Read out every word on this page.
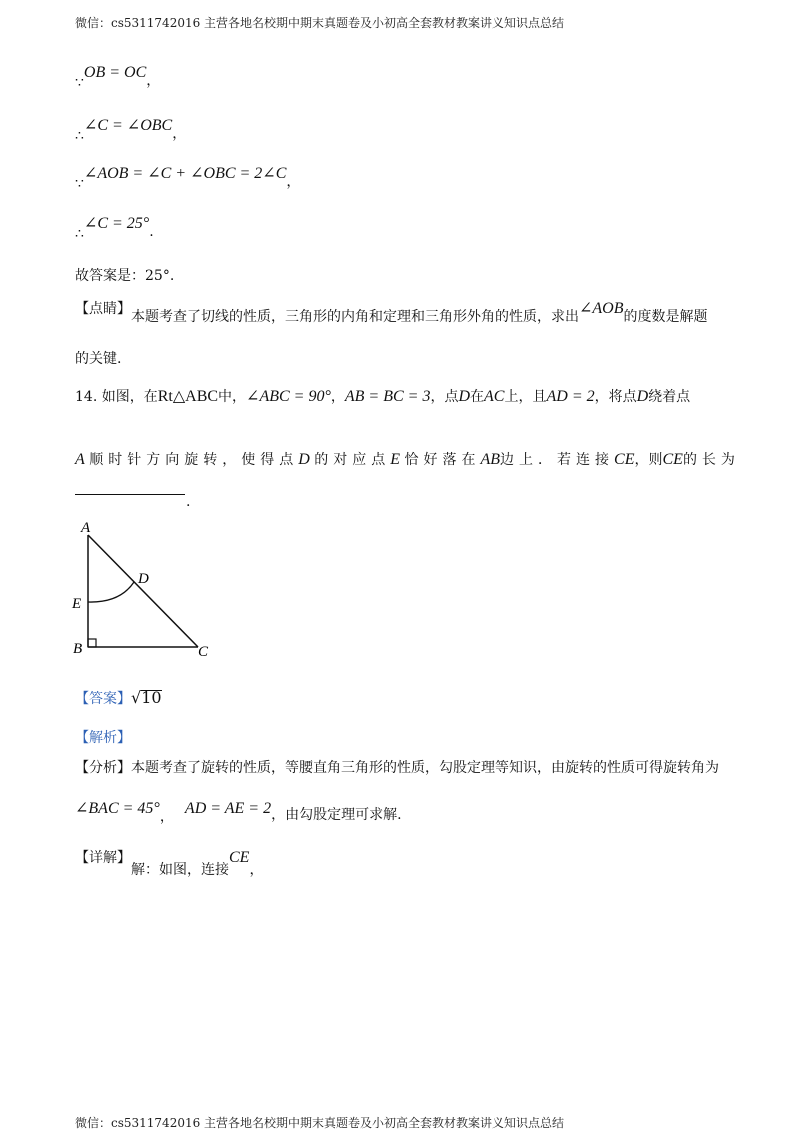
微信：cs5311742016 主营各地名校期中期末真题卷及小初高全套教材教案讲义知识点总结
∵OB = OC，
∴∠C = ∠OBC，
∵∠AOB = ∠C + ∠OBC = 2∠C，
∴∠C = 25°.
故答案是：25°.
【点睛】本题考查了切线的性质，三角形的内角和定理和三角形外角的性质，求出∠AOB的度数是解题
的关键.
14. 如图，在Rt△ABC中，∠ABC = 90°，AB = BC = 3，点D在AC上，且AD = 2，将点D绕着点
A 顺时针方向旋转，使得点D 的对应点E 恰好落在AB边上．若连接CE，则CE的长为
.
A
D
E
B	C
【答案】√10
【解析】
【分析】本题考查了旋转的性质，等腰直角三角形的性质，勾股定理等知识，由旋转的性质可得旋转角为
∠BAC = 45°， AD = AE = 2，由勾股定理可求解.
【详解】解：如图，连接CE，
微信：cs5311742016 主营各地名校期中期末真题卷及小初高全套教材教案讲义知识点总结
